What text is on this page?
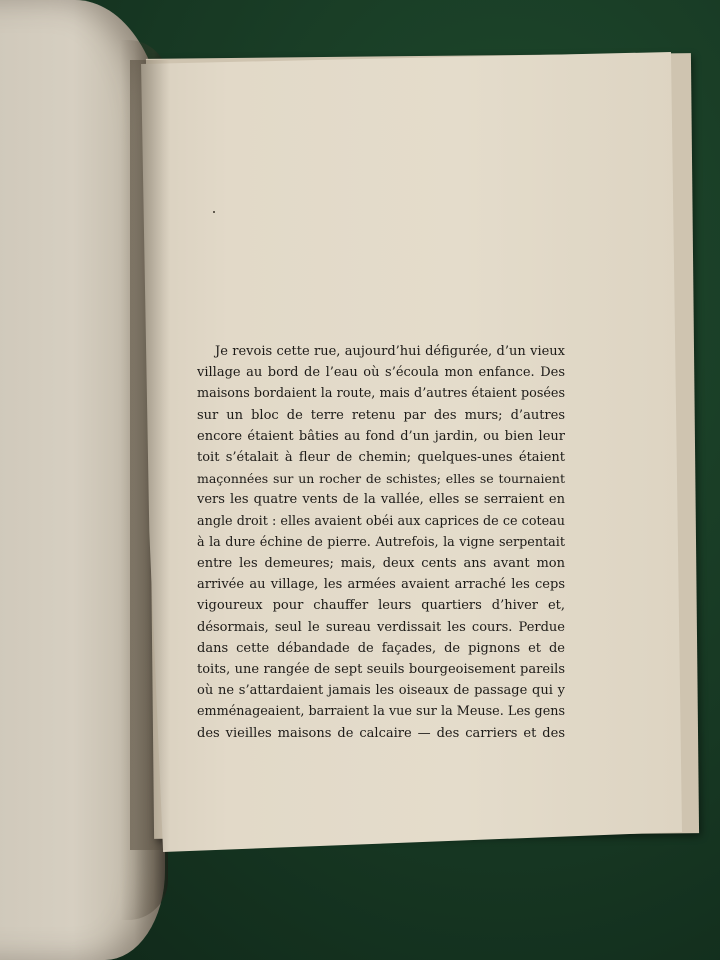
Je revois cette rue, aujourd’hui défigurée, d’un vieux
village au bord de l’eau où s’écoula mon enfance. Des
maisons bordaient la route, mais d’autres étaient posées
sur un bloc de terre retenu par des murs; d’autres
encore étaient bâties au fond d’un jardin, ou bien leur
toit s’étalait à fleur de chemin; quelques-unes étaient
maçonnées sur un rocher de schistes; elles se tournaient
vers les quatre vents de la vallée, elles se serraient en
angle droit : elles avaient obéi aux caprices de ce coteau
à la dure échine de pierre. Autrefois, la vigne serpentait
entre les demeures; mais, deux cents ans avant mon
arrivée au village, les armées avaient arraché les ceps
vigoureux pour chauffer leurs quartiers d’hiver et,
désormais, seul le sureau verdissait les cours. Perdue
dans cette débandade de façades, de pignons et de
toits, une rangée de sept seuils bourgeoisement pareils
où ne s’attardaient jamais les oiseaux de passage qui y
emménageaient, barraient la vue sur la Meuse. Les gens
des vieilles maisons de calcaire — des carriers et des
